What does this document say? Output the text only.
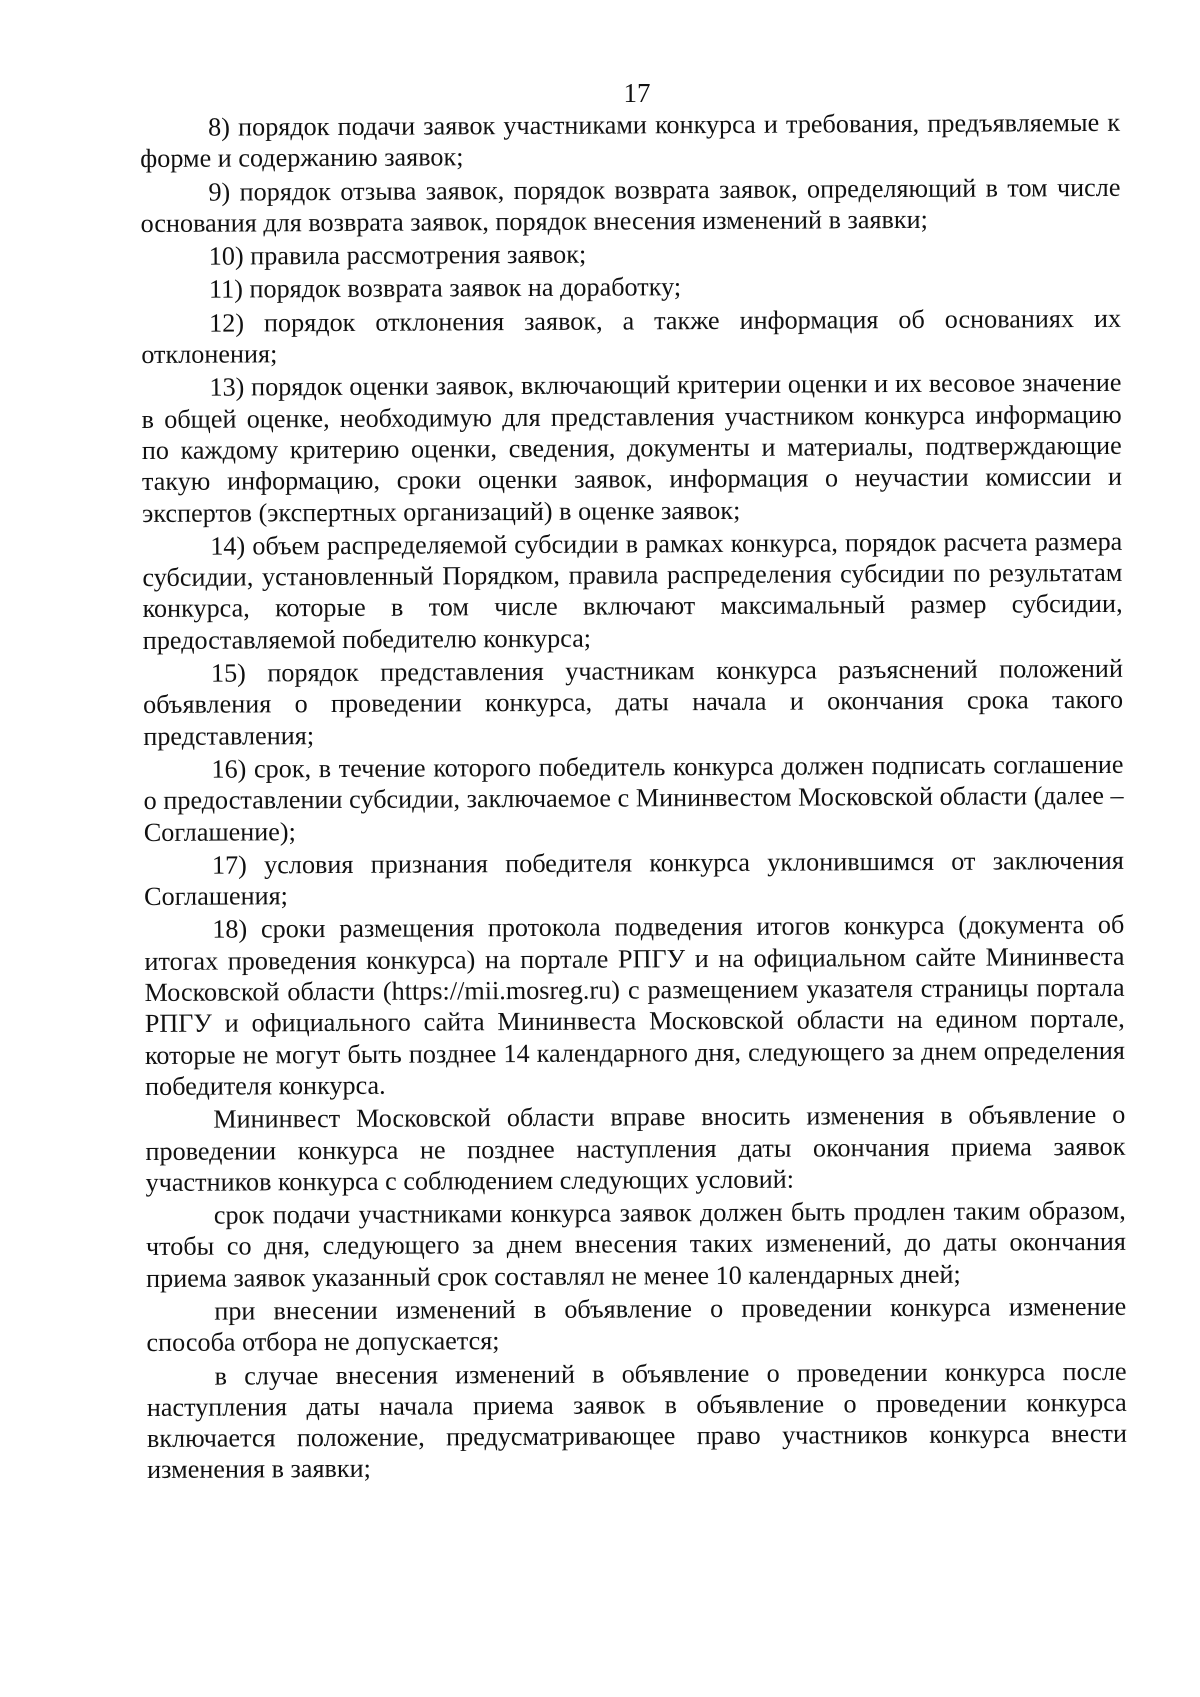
17

8) порядок подачи заявок участниками конкурса и требования, предъявляемые к форме и содержанию заявок;

9) порядок отзыва заявок, порядок возврата заявок, определяющий в том числе основания для возврата заявок, порядок внесения изменений в заявки;

10) правила рассмотрения заявок;

11) порядок возврата заявок на доработку;

12) порядок отклонения заявок, а также информация об основаниях их отклонения;

13) порядок оценки заявок, включающий критерии оценки и их весовое значение в общей оценке, необходимую для представления участником конкурса информацию по каждому критерию оценки, сведения, документы и материалы, подтверждающие такую информацию, сроки оценки заявок, информация о неучастии комиссии и экспертов (экспертных организаций) в оценке заявок;

14) объем распределяемой субсидии в рамках конкурса, порядок расчета размера субсидии, установленный Порядком, правила распределения субсидии по результатам конкурса, которые в том числе включают максимальный размер субсидии, предоставляемой победителю конкурса;

15) порядок представления участникам конкурса разъяснений положений объявления о проведении конкурса, даты начала и окончания срока такого представления;

16) срок, в течение которого победитель конкурса должен подписать соглашение о предоставлении субсидии, заключаемое с Мининвестом Московской области (далее – Соглашение);

17) условия признания победителя конкурса уклонившимся от заключения Соглашения;

18) сроки размещения протокола подведения итогов конкурса (документа об итогах проведения конкурса) на портале РПГУ и на официальном сайте Мининвеста Московской области (https://mii.mosreg.ru) с размещением указателя страницы портала РПГУ и официального сайта Мининвеста Московской области на едином портале, которые не могут быть позднее 14 календарного дня, следующего за днем определения победителя конкурса.

Мининвест Московской области вправе вносить изменения в объявление о проведении конкурса не позднее наступления даты окончания приема заявок участников конкурса с соблюдением следующих условий:

срок подачи участниками конкурса заявок должен быть продлен таким образом, чтобы со дня, следующего за днем внесения таких изменений, до даты окончания приема заявок указанный срок составлял не менее 10 календарных дней;

при внесении изменений в объявление о проведении конкурса изменение способа отбора не допускается;

в случае внесения изменений в объявление о проведении конкурса после наступления даты начала приема заявок в объявление о проведении конкурса включается положение, предусматривающее право участников конкурса внести изменения в заявки;
